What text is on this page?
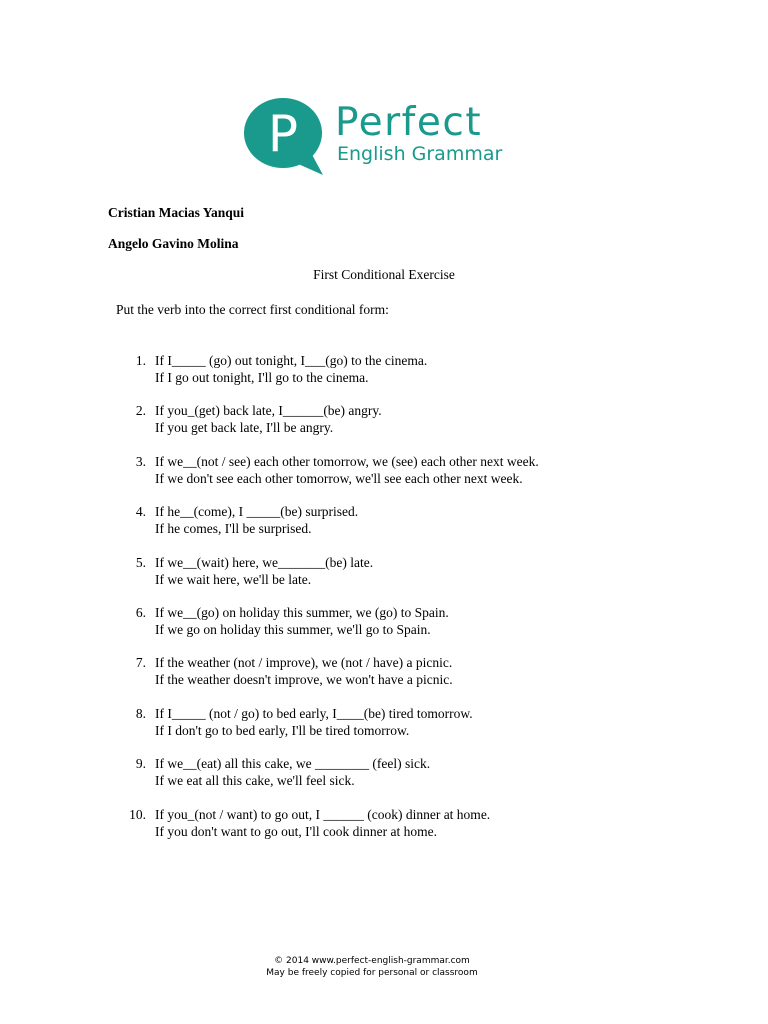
P Perfect
English Grammar
Cristian Macias Yanqui
Angelo Gavino Molina
First Conditional Exercise
Put the verb into the correct first conditional form:
1. If I_____ (go) out tonight, I___(go) to the cinema.
If I go out tonight, I'll go to the cinema.
2. If you_(get) back late, I______(be) angry.
If you get back late, I'll be angry.
3. If we__(not / see) each other tomorrow, we (see) each other next week.
If we don't see each other tomorrow, we'll see each other next week.
4. If he__(come), I _____(be) surprised.
If he comes, I'll be surprised.
5. If we__(wait) here, we_______(be) late.
If we wait here, we'll be late.
6. If we__(go) on holiday this summer, we (go) to Spain.
If we go on holiday this summer, we'll go to Spain.
7. If the weather (not / improve), we (not / have) a picnic.
If the weather doesn't improve, we won't have a picnic.
8. If I_____ (not / go) to bed early, I____(be) tired tomorrow.
If I don't go to bed early, I'll be tired tomorrow.
9. If we__(eat) all this cake, we ________ (feel) sick.
If we eat all this cake, we'll feel sick.
10. If you_(not / want) to go out, I ______ (cook) dinner at home.
If you don't want to go out, I'll cook dinner at home.
© 2014 www.perfect-english-grammar.com
May be freely copied for personal or classroom
